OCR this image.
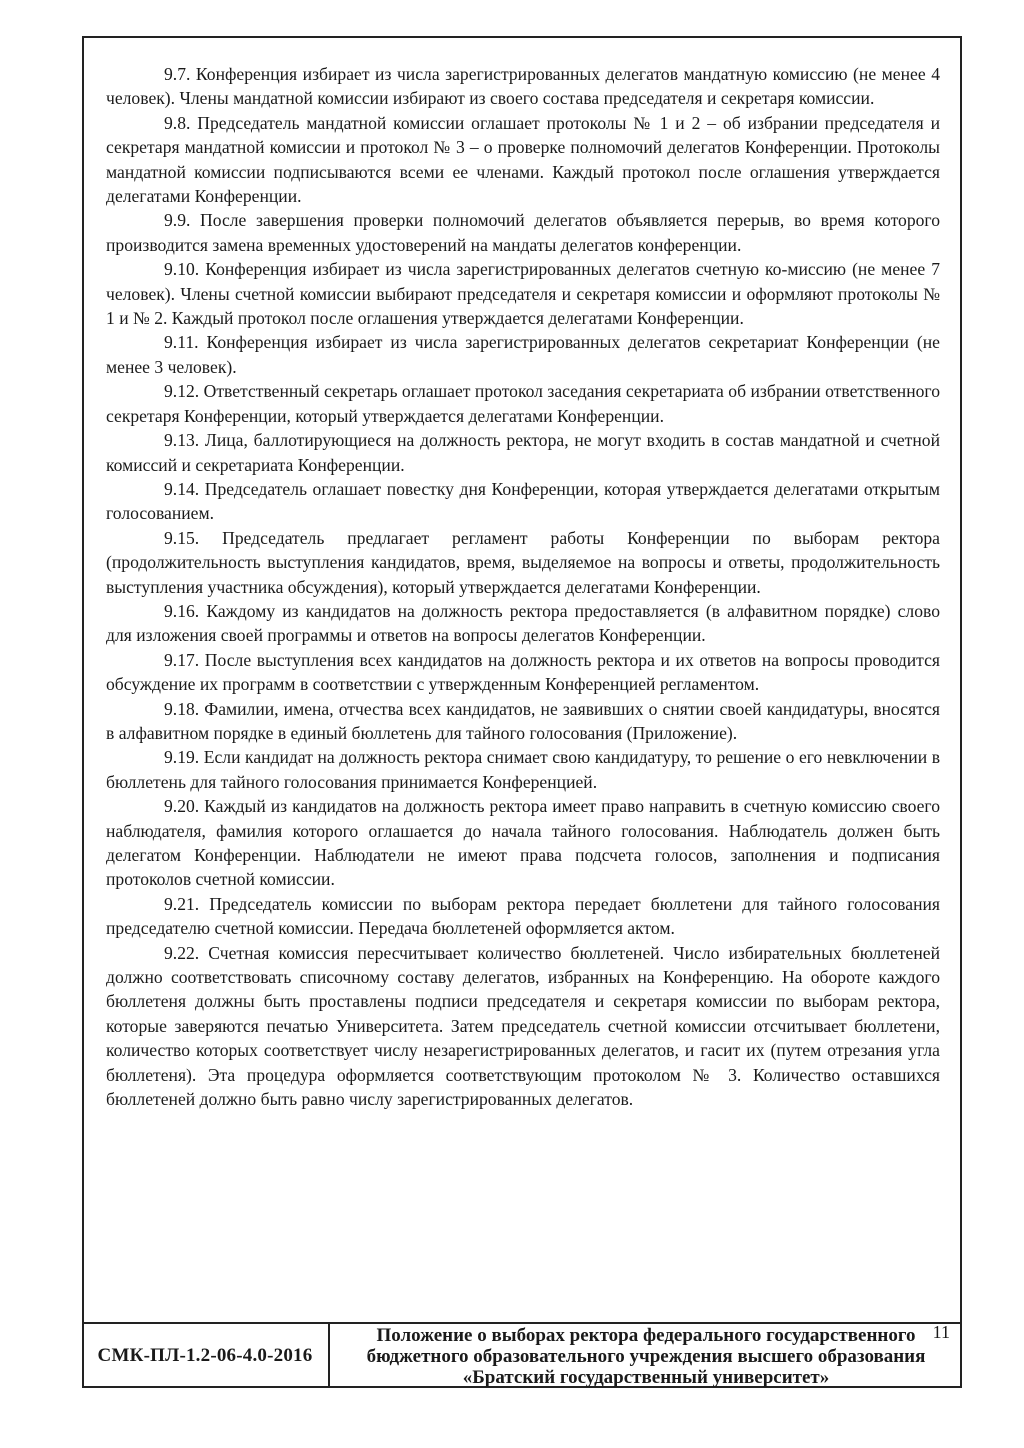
9.7. Конференция избирает из числа зарегистрированных делегатов мандатную комиссию (не менее 4 человек). Члены мандатной комиссии избирают из своего состава председателя и секретаря комиссии.

9.8. Председатель мандатной комиссии оглашает протоколы № 1 и 2 – об избрании председателя и секретаря мандатной комиссии и протокол № 3 – о проверке полномочий делегатов Конференции. Протоколы мандатной комиссии подписываются всеми ее членами. Каждый протокол после оглашения утверждается делегатами Конференции.

9.9. После завершения проверки полномочий делегатов объявляется перерыв, во время которого производится замена временных удостоверений на мандаты делегатов конференции.

9.10. Конференция избирает из числа зарегистрированных делегатов счетную ко-миссию (не менее 7 человек). Члены счетной комиссии выбирают председателя и секретаря комиссии и оформляют протоколы № 1 и № 2. Каждый протокол после оглашения утверждается делегатами Конференции.

9.11. Конференция избирает из числа зарегистрированных делегатов секретариат Конференции (не менее 3 человек).

9.12. Ответственный секретарь оглашает протокол заседания секретариата об избрании ответственного секретаря Конференции, который утверждается делегатами Конференции.

9.13. Лица, баллотирующиеся на должность ректора, не могут входить в состав мандатной и счетной комиссий и секретариата Конференции.

9.14. Председатель оглашает повестку дня Конференции, которая утверждается делегатами открытым голосованием.

9.15. Председатель предлагает регламент работы Конференции по выборам ректора (продолжительность выступления кандидатов, время, выделяемое на вопросы и ответы, продолжительность выступления участника обсуждения), который утверждается делегатами Конференции.

9.16. Каждому из кандидатов на должность ректора предоставляется (в алфавитном порядке) слово для изложения своей программы и ответов на вопросы делегатов Конференции.

9.17. После выступления всех кандидатов на должность ректора и их ответов на вопросы проводится обсуждение их программ в соответствии с утвержденным Конференцией регламентом.

9.18. Фамилии, имена, отчества всех кандидатов, не заявивших о снятии своей кандидатуры, вносятся в алфавитном порядке в единый бюллетень для тайного голосования (Приложение).

9.19. Если кандидат на должность ректора снимает свою кандидатуру, то решение о его невключении в бюллетень для тайного голосования принимается Конференцией.

9.20. Каждый из кандидатов на должность ректора имеет право направить в счетную комиссию своего наблюдателя, фамилия которого оглашается до начала тайного голосования. Наблюдатель должен быть делегатом Конференции. Наблюдатели не имеют права подсчета голосов, заполнения и подписания протоколов счетной комиссии.

9.21. Председатель комиссии по выборам ректора передает бюллетени для тайного голосования председателю счетной комиссии. Передача бюллетеней оформляется актом.

9.22. Счетная комиссия пересчитывает количество бюллетеней. Число избирательных бюллетеней должно соответствовать списочному составу делегатов, избранных на Конференцию. На обороте каждого бюллетеня должны быть проставлены подписи председателя и секретаря комиссии по выборам ректора, которые заверяются печатью Университета. Затем председатель счетной комиссии отсчитывает бюллетени, количество которых соответствует числу незарегистрированных делегатов, и гасит их (путем отрезания угла бюллетеня). Эта процедура оформляется соответствующим протоколом № 3. Количество оставшихся бюллетеней должно быть равно числу зарегистрированных делегатов.

11
СМК-ПЛ-1.2-06-4.0-2016
Положение о выборах ректора федерального государственного
бюджетного образовательного учреждения высшего образования
«Братский государственный университет»
